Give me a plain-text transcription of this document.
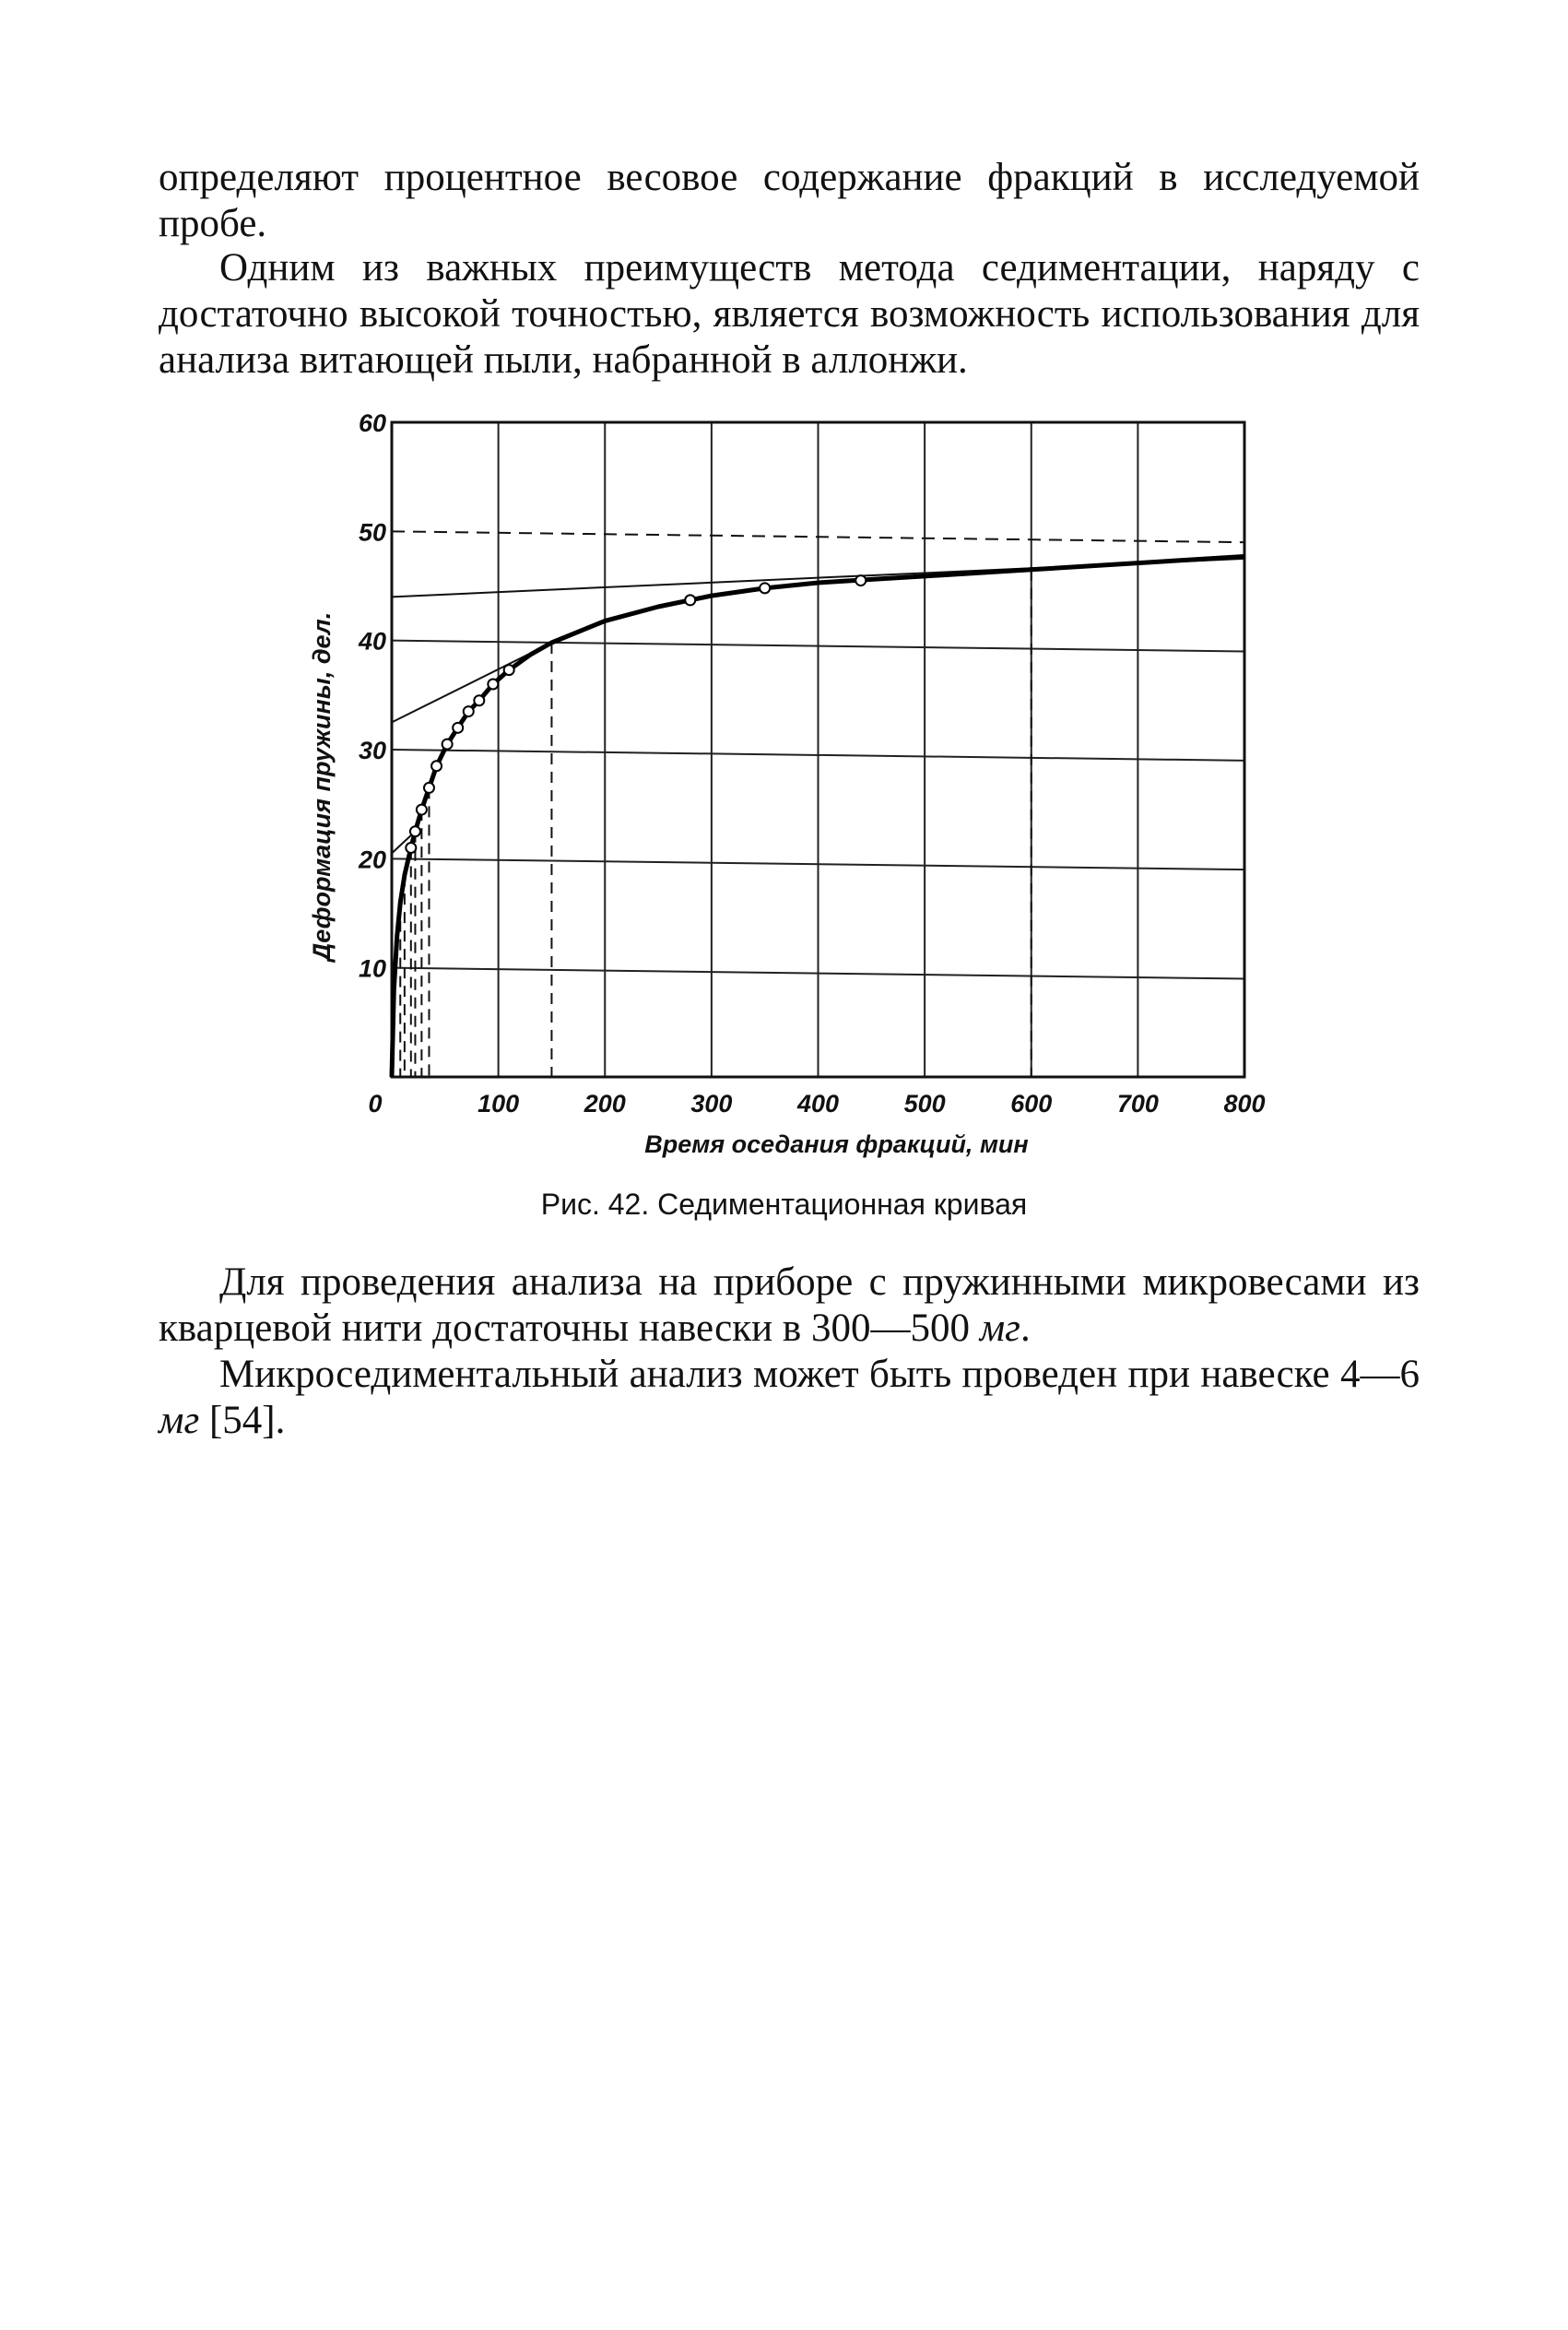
определяют процентное весовое содержание фракций в исследуемой пробе.

Одним из важных преимуществ метода седиментации, наряду с достаточно высокой точностью, является возможность использования для анализа витающей пыли, набранной в аллонжи.

0	100	200	300	400	500	600	700	800
10
20
30
40
50
60
Время оседания фракций, мин
Деформация пружины, дел.
Рис. 42. Седиментационная кривая

Для проведения анализа на приборе с пружинными микровесами из кварцевой нити достаточны навески в 300—500 мг.

Микроседиментальный анализ может быть проведен при навеске 4—6 мг [54].
